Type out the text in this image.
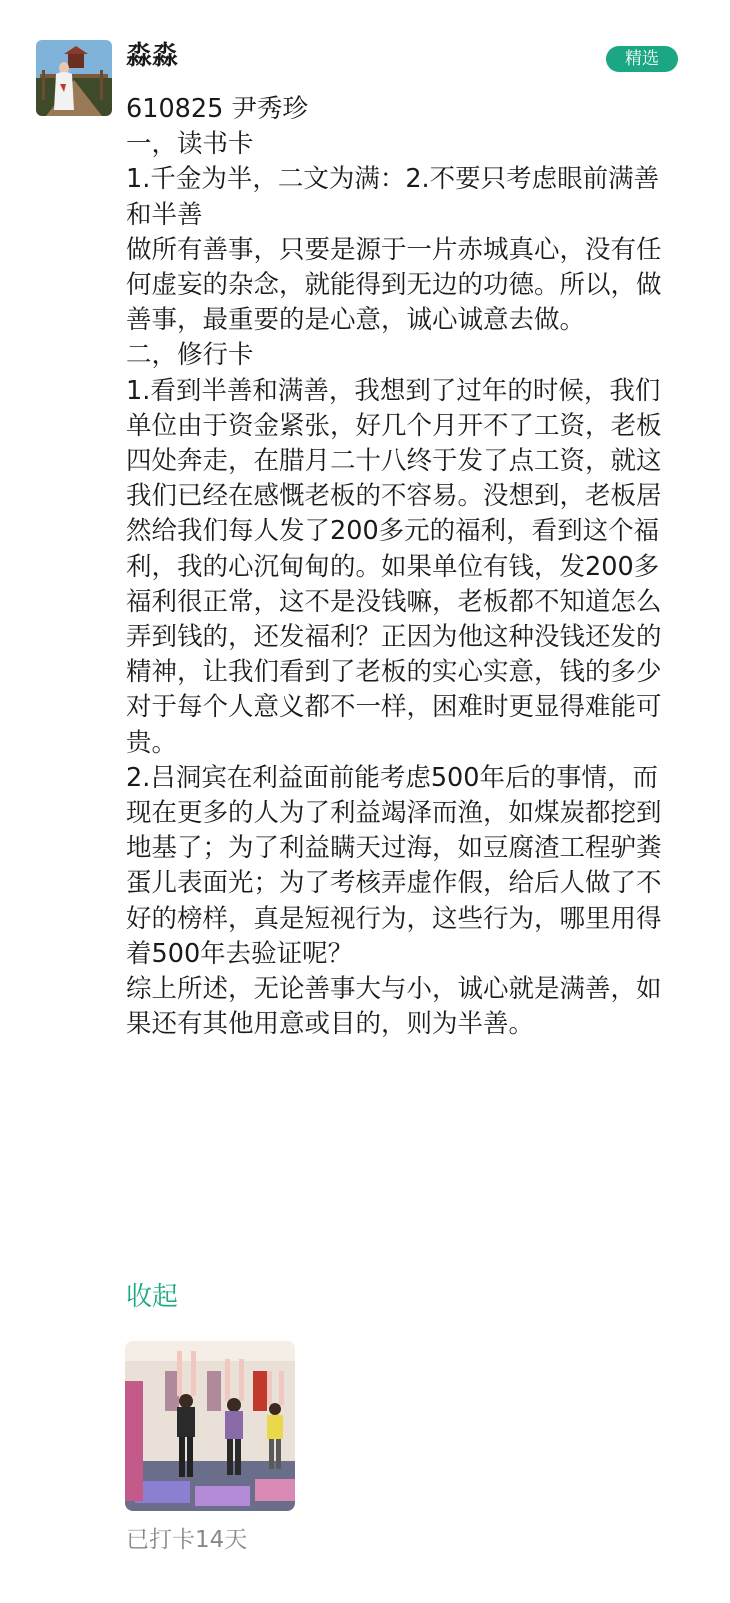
淼淼	精选

610825 尹秀珍

一，读书卡

1.千金为半，二文为满：2.不要只考虑眼前满善和半善

做所有善事，只要是源于一片赤城真心，没有任何虚妄的杂念，就能得到无边的功德。所以，做善事，最重要的是心意，诚心诚意去做。

二，修行卡

1.看到半善和满善，我想到了过年的时候，我们单位由于资金紧张，好几个月开不了工资，老板四处奔走，在腊月二十八终于发了点工资，就这我们已经在感慨老板的不容易。没想到，老板居然给我们每人发了200多元的福利，看到这个福利，我的心沉甸甸的。如果单位有钱，发200多福利很正常，这不是没钱嘛，老板都不知道怎么弄到钱的，还发福利？正因为他这种没钱还发的精神，让我们看到了老板的实心实意，钱的多少对于每个人意义都不一样，困难时更显得难能可贵。

2.吕洞宾在利益面前能考虑500年后的事情，而现在更多的人为了利益竭泽而渔，如煤炭都挖到地基了；为了利益瞒天过海，如豆腐渣工程驴粪蛋儿表面光；为了考核弄虚作假，给后人做了不好的榜样，真是短视行为，这些行为，哪里用得着500年去验证呢？

综上所述，无论善事大与小，诚心就是满善，如果还有其他用意或目的，则为半善。

收起
已打卡14天
